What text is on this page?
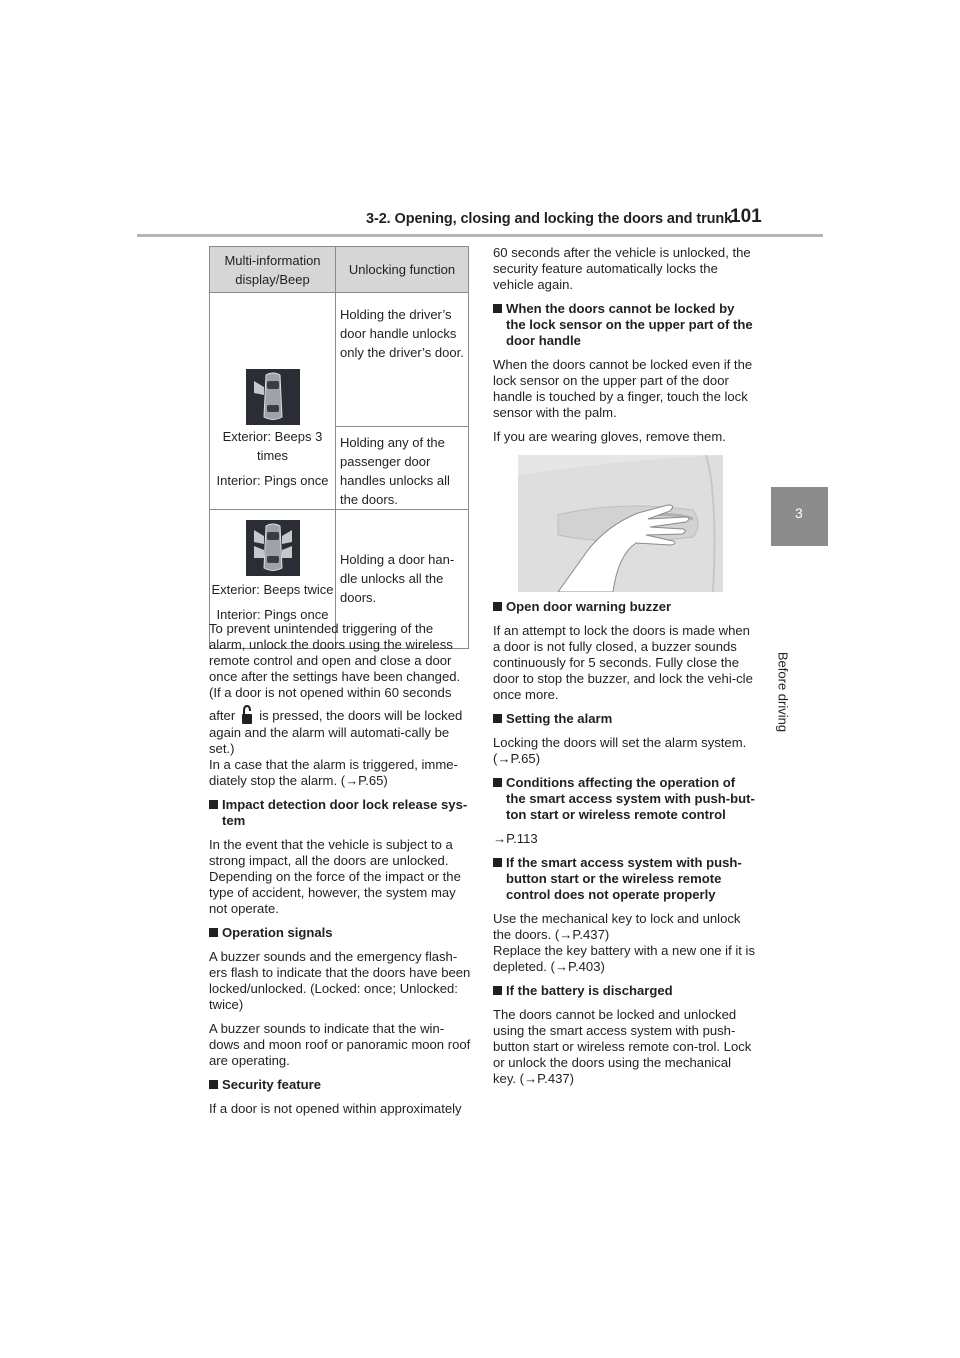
3-2. Opening, closing and locking the doors and trunk
101
3
Before driving
Multi-information display/Beep	Unlocking function

Exterior: Beeps 3 times
Interior: Pings once	Holding the driver’s door handle unlocks only the driver’s door.
	Holding any of the passenger door handles unlocks all the doors.

Exterior: Beeps twice
Interior: Pings once	Holding a door han-dle unlocks all the doors.

To prevent unintended triggering of the alarm, unlock the doors using the wireless remote control and open and close a door once after the settings have been changed. (If a door is not opened within 60 seconds

after is pressed, the doors will be locked again and the alarm will automati-cally be set.)

In a case that the alarm is triggered, imme-diately stop the alarm. (→P.65)

Impact detection door lock release sys-tem

In the event that the vehicle is subject to a strong impact, all the doors are unlocked. Depending on the force of the impact or the type of accident, however, the system may not operate.

Operation signals

A buzzer sounds and the emergency flash-ers flash to indicate that the doors have been locked/unlocked. (Locked: once; Unlocked: twice)

A buzzer sounds to indicate that the win-dows and moon roof or panoramic moon roof are operating.

Security feature

If a door is not opened within approximately

60 seconds after the vehicle is unlocked, the security feature automatically locks the vehicle again.

When the doors cannot be locked by the lock sensor on the upper part of the door handle

When the doors cannot be locked even if the lock sensor on the upper part of the door handle is touched by a finger, touch the lock sensor with the palm.

If you are wearing gloves, remove them.

Open door warning buzzer

If an attempt to lock the doors is made when a door is not fully closed, a buzzer sounds continuously for 5 seconds. Fully close the door to stop the buzzer, and lock the vehi-cle once more.

Setting the alarm

Locking the doors will set the alarm system. (→P.65)

Conditions affecting the operation of the smart access system with push-but-ton start or wireless remote control

→P.113

If the smart access system with push-button start or the wireless remote control does not operate properly

Use the mechanical key to lock and unlock the doors. (→P.437)

Replace the key battery with a new one if it is depleted. (→P.403)

If the battery is discharged

The doors cannot be locked and unlocked using the smart access system with push-button start or wireless remote con-trol. Lock or unlock the doors using the mechanical key. (→P.437)
